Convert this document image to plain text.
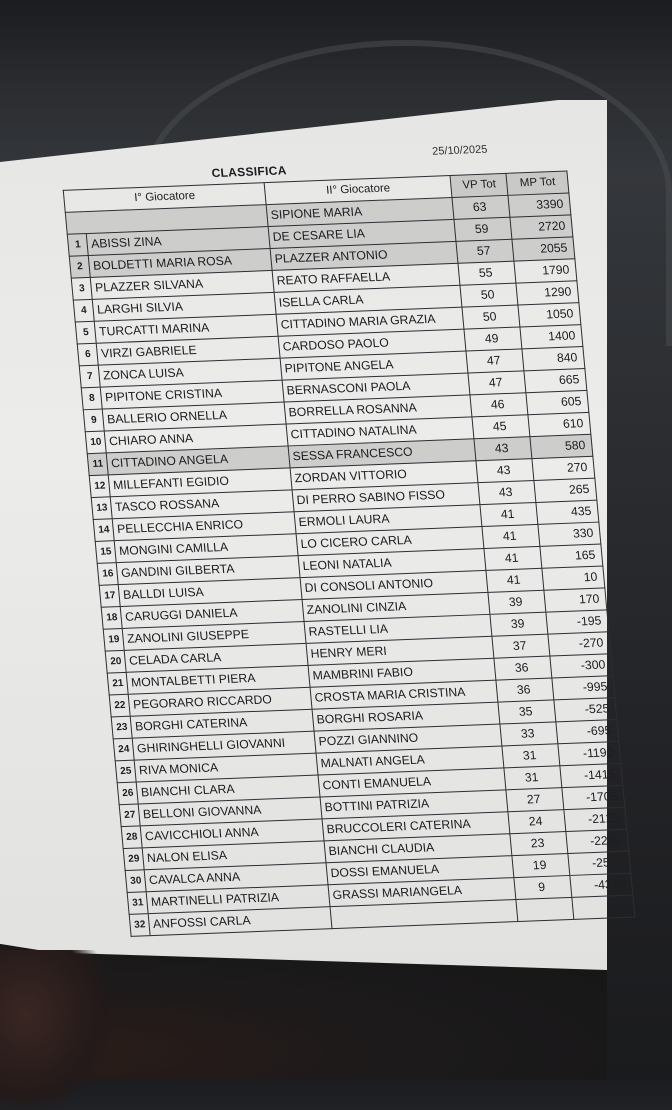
CLASSIFICA
25/10/2025
I° Giocatore		II° Giocatore	VP Tot	MP Tot
		SIPIONE MARIA	63	3390
1	ABISSI ZINA	DE CESARE LIA	59	2720
2	BOLDETTI MARIA ROSA	PLAZZER ANTONIO	57	2055
3	PLAZZER SILVANA	REATO RAFFAELLA	55	1790
4	LARGHI SILVIA	ISELLA CARLA	50	1290
5	TURCATTI MARINA	CITTADINO MARIA GRAZIA	50	1050
6	VIRZI GABRIELE	CARDOSO PAOLO	49	1400
7	ZONCA LUISA	PIPITONE ANGELA	47	840
8	PIPITONE CRISTINA	BERNASCONI PAOLA	47	665
9	BALLERIO ORNELLA	BORRELLA ROSANNA	46	605
10	CHIARO ANNA	CITTADINO NATALINA	45	610
11	CITTADINO ANGELA	SESSA FRANCESCO	43	580
12	MILLEFANTI EGIDIO	ZORDAN VITTORIO	43	270
13	TASCO ROSSANA	DI PERRO SABINO FISSO	43	265
14	PELLECCHIA ENRICO	ERMOLI LAURA	41	435
15	MONGINI CAMILLA	LO CICERO CARLA	41	330
16	GANDINI GILBERTA	LEONI NATALIA	41	165
17	BALLDI LUISA	DI CONSOLI ANTONIO	41	10
18	CARUGGI DANIELA	ZANOLINI CINZIA	39	170
19	ZANOLINI GIUSEPPE	RASTELLI LIA	39	-195
20	CELADA CARLA	HENRY MERI	37	-270
21	MONTALBETTI PIERA	MAMBRINI FABIO	36	-300
22	PEGORARO RICCARDO	CROSTA MARIA CRISTINA	36	-995
23	BORGHI CATERINA	BORGHI ROSARIA	35	-525
24	GHIRINGHELLI GIOVANNI	POZZI GIANNINO	33	-695
25	RIVA MONICA	MALNATI ANGELA	31	-1190
26	BIANCHI CLARA	CONTI EMANUELA	31	-1415
27	BELLONI GIOVANNA	BOTTINI PATRIZIA	27	-1705
28	CAVICCHIOLI ANNA	BRUCCOLERI CATERINA	24	-2125
29	NALON ELISA	BIANCHI CLAUDIA	23	-2280
30	CAVALCA ANNA	DOSSI EMANUELA	19	-2575
31	MARTINELLI PATRIZIA	GRASSI MARIANGELA	9	-4370
32	ANFOSSI CARLA			
